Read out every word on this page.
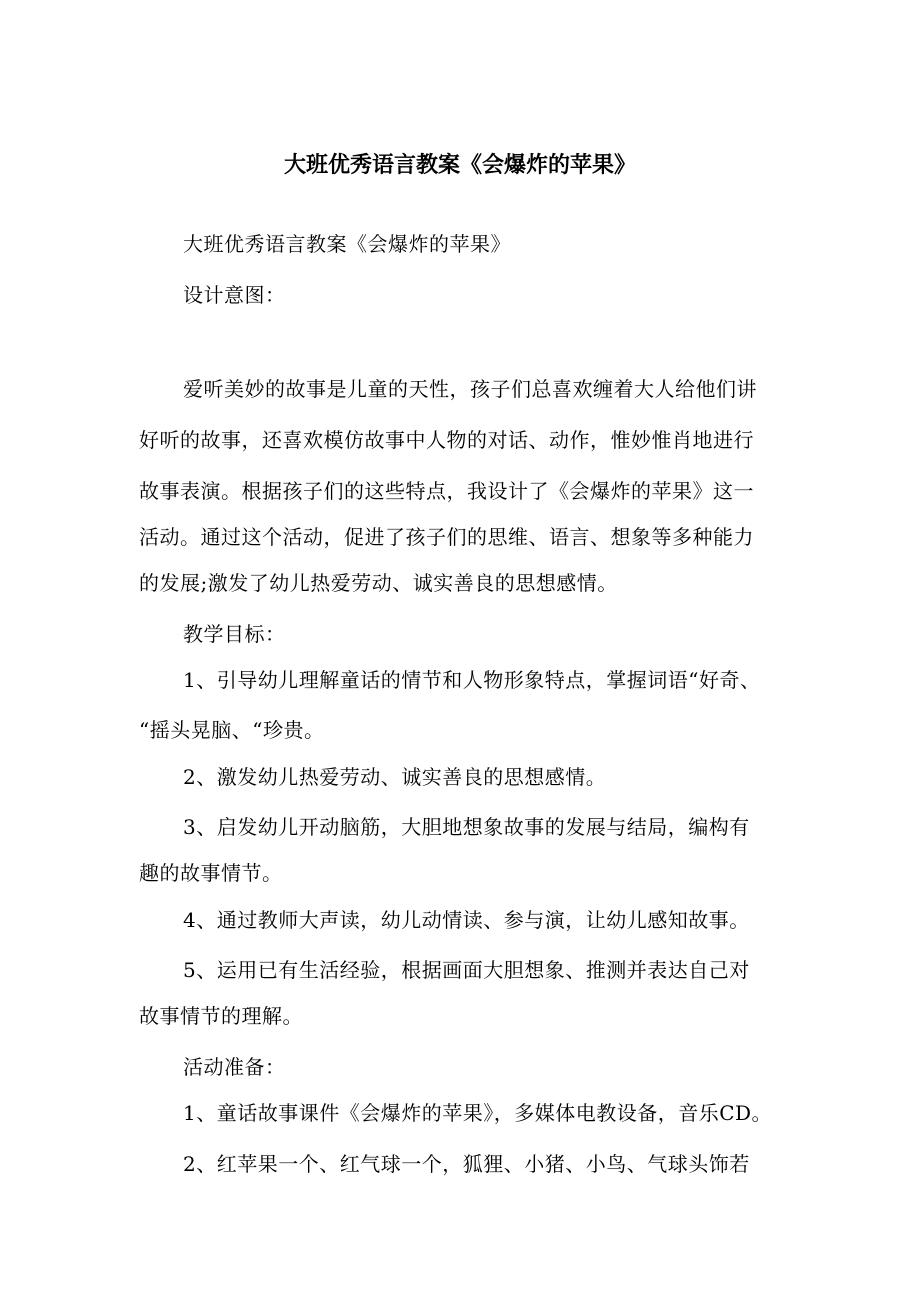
大班优秀语言教案《会爆炸的苹果》
大班优秀语言教案《会爆炸的苹果》
设计意图：
爱听美妙的故事是儿童的天性，孩子们总喜欢缠着大人给他们讲
好听的故事，还喜欢模仿故事中人物的对话、动作，惟妙惟肖地进行
故事表演。根据孩子们的这些特点，我设计了《会爆炸的苹果》这一
活动。通过这个活动，促进了孩子们的思维、语言、想象等多种能力
的发展;激发了幼儿热爱劳动、诚实善良的思想感情。
教学目标：
1、引导幼儿理解童话的情节和人物形象特点，掌握词语“好奇、
“摇头晃脑、“珍贵。
2、激发幼儿热爱劳动、诚实善良的思想感情。
3、启发幼儿开动脑筋，大胆地想象故事的发展与结局，编构有
趣的故事情节。
4、通过教师大声读，幼儿动情读、参与演，让幼儿感知故事。
5、运用已有生活经验，根据画面大胆想象、推测并表达自己对
故事情节的理解。
活动准备：
1、童话故事课件《会爆炸的苹果》，多媒体电教设备，音乐CD。
2、红苹果一个、红气球一个，狐狸、小猪、小鸟、气球头饰若
